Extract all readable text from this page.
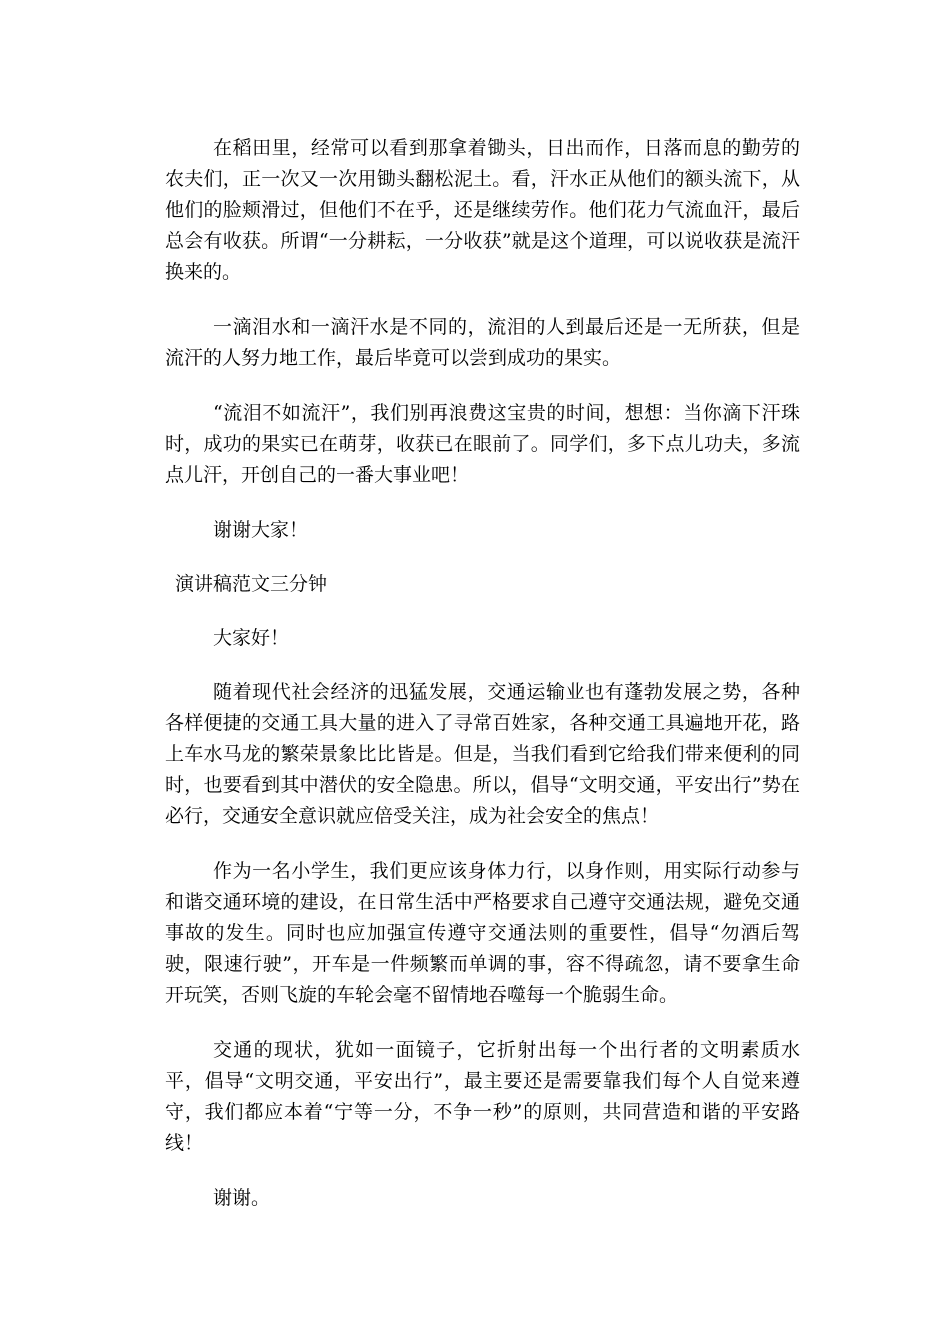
在稻田里，经常可以看到那拿着锄头，日出而作，日落而息的勤劳的农夫们，正一次又一次用锄头翻松泥土。看，汗水正从他们的额头流下，从他们的脸颊滑过，但他们不在乎，还是继续劳作。他们花力气流血汗，最后总会有收获。所谓“一分耕耘，一分收获”就是这个道理，可以说收获是流汗换来的。

一滴泪水和一滴汗水是不同的，流泪的人到最后还是一无所获，但是流汗的人努力地工作，最后毕竟可以尝到成功的果实。

“流泪不如流汗”，我们别再浪费这宝贵的时间，想想：当你滴下汗珠时，成功的果实已在萌芽，收获已在眼前了。同学们，多下点儿功夫，多流点儿汗，开创自己的一番大事业吧！

谢谢大家！

演讲稿范文三分钟

大家好！

随着现代社会经济的迅猛发展，交通运输业也有蓬勃发展之势，各种各样便捷的交通工具大量的进入了寻常百姓家，各种交通工具遍地开花，路上车水马龙的繁荣景象比比皆是。但是，当我们看到它给我们带来便利的同时，也要看到其中潜伏的安全隐患。所以，倡导“文明交通，平安出行”势在必行，交通安全意识就应倍受关注，成为社会安全的焦点！

作为一名小学生，我们更应该身体力行，以身作则，用实际行动参与和谐交通环境的建设，在日常生活中严格要求自己遵守交通法规，避免交通事故的发生。同时也应加强宣传遵守交通法则的重要性，倡导“勿酒后驾驶，限速行驶”，开车是一件频繁而单调的事，容不得疏忽，请不要拿生命开玩笑，否则飞旋的车轮会毫不留情地吞噬每一个脆弱生命。

交通的现状，犹如一面镜子，它折射出每一个出行者的文明素质水平，倡导“文明交通，平安出行”，最主要还是需要靠我们每个人自觉来遵守，我们都应本着“宁等一分，不争一秒”的原则，共同营造和谐的平安路线！

谢谢。
